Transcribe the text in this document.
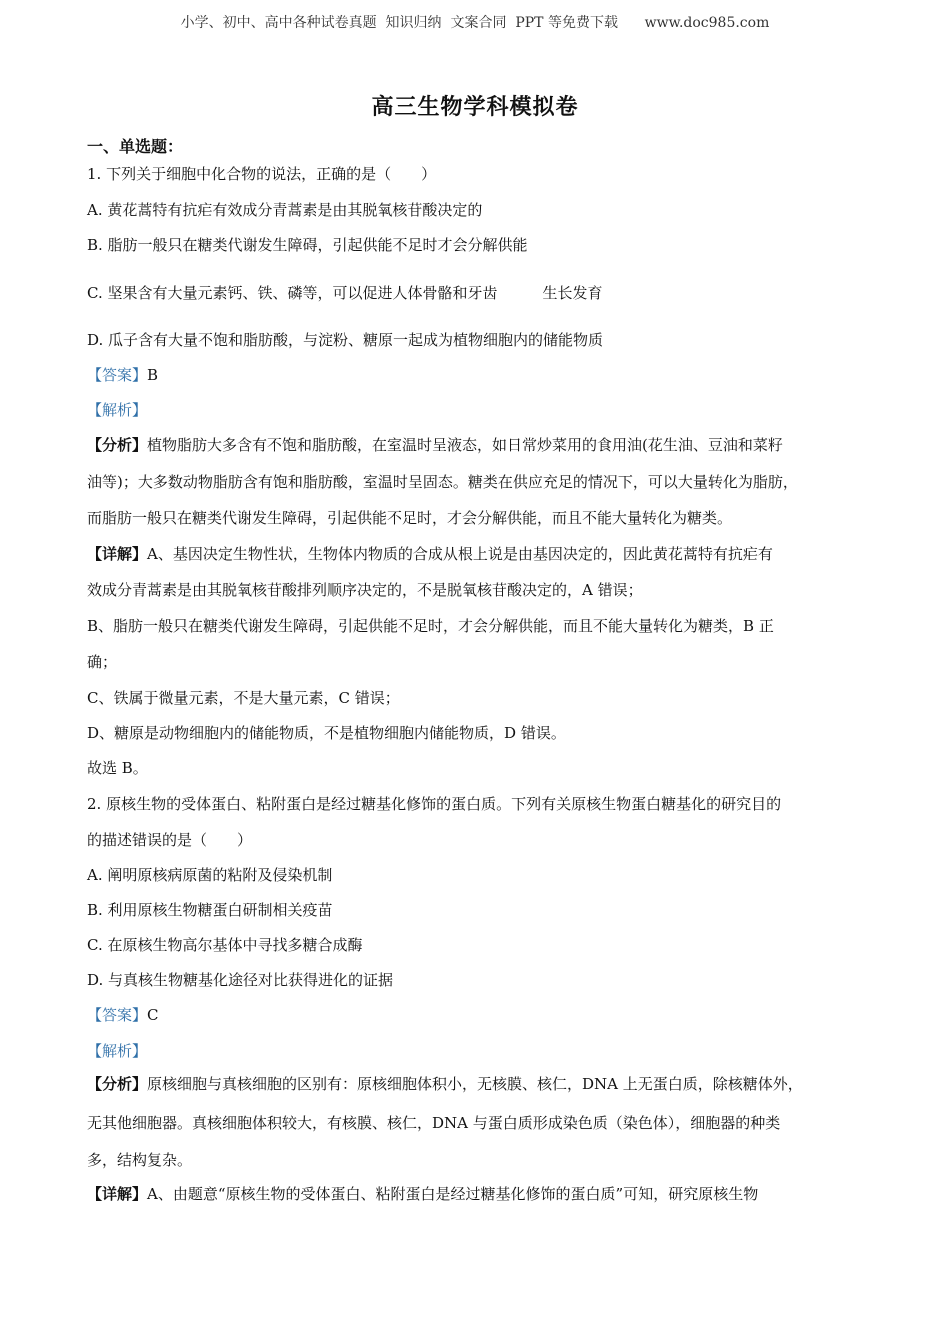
小学、初中、高中各种试卷真题  知识归纳  文案合同  PPT 等免费下载      www.doc985.com
高三生物学科模拟卷
一、单选题：
1. 下列关于细胞中化合物的说法，正确的是（　　）
A. 黄花蒿特有抗疟有效成分青蒿素是由其脱氧核苷酸决定的
B. 脂肪一般只在糖类代谢发生障碍，引起供能不足时才会分解供能
C. 坚果含有大量元素钙、铁、磷等，可以促进人体骨骼和牙齿　　　生长发育
D. 瓜子含有大量不饱和脂肪酸，与淀粉、糖原一起成为植物细胞内的储能物质
【答案】B
【解析】
【分析】植物脂肪大多含有不饱和脂肪酸，在室温时呈液态，如日常炒菜用的食用油(花生油、豆油和菜籽
油等)；大多数动物脂肪含有饱和脂肪酸，室温时呈固态。糖类在供应充足的情况下，可以大量转化为脂肪，
而脂肪一般只在糖类代谢发生障碍，引起供能不足时，才会分解供能，而且不能大量转化为糖类。
【详解】A、基因决定生物性状，生物体内物质的合成从根上说是由基因决定的，因此黄花蒿特有抗疟有
效成分青蒿素是由其脱氧核苷酸排列顺序决定的，不是脱氧核苷酸决定的，A 错误；
B、脂肪一般只在糖类代谢发生障碍，引起供能不足时，才会分解供能，而且不能大量转化为糖类，B 正
确；
C、铁属于微量元素，不是大量元素，C 错误；
D、糖原是动物细胞内的储能物质，不是植物细胞内储能物质，D 错误。
故选 B。
2. 原核生物的受体蛋白、粘附蛋白是经过糖基化修饰的蛋白质。下列有关原核生物蛋白糖基化的研究目的
的描述错误的是（　　）
A. 阐明原核病原菌的粘附及侵染机制
B. 利用原核生物糖蛋白研制相关疫苗
C. 在原核生物高尔基体中寻找多糖合成酶
D. 与真核生物糖基化途径对比获得进化的证据
【答案】C
【解析】
【分析】原核细胞与真核细胞的区别有：原核细胞体积小，无核膜、核仁，DNA 上无蛋白质，除核糖体外，
无其他细胞器。真核细胞体积较大，有核膜、核仁，DNA 与蛋白质形成染色质（染色体），细胞器的种类
多，结构复杂。
【详解】A、由题意“原核生物的受体蛋白、粘附蛋白是经过糖基化修饰的蛋白质”可知，研究原核生物
